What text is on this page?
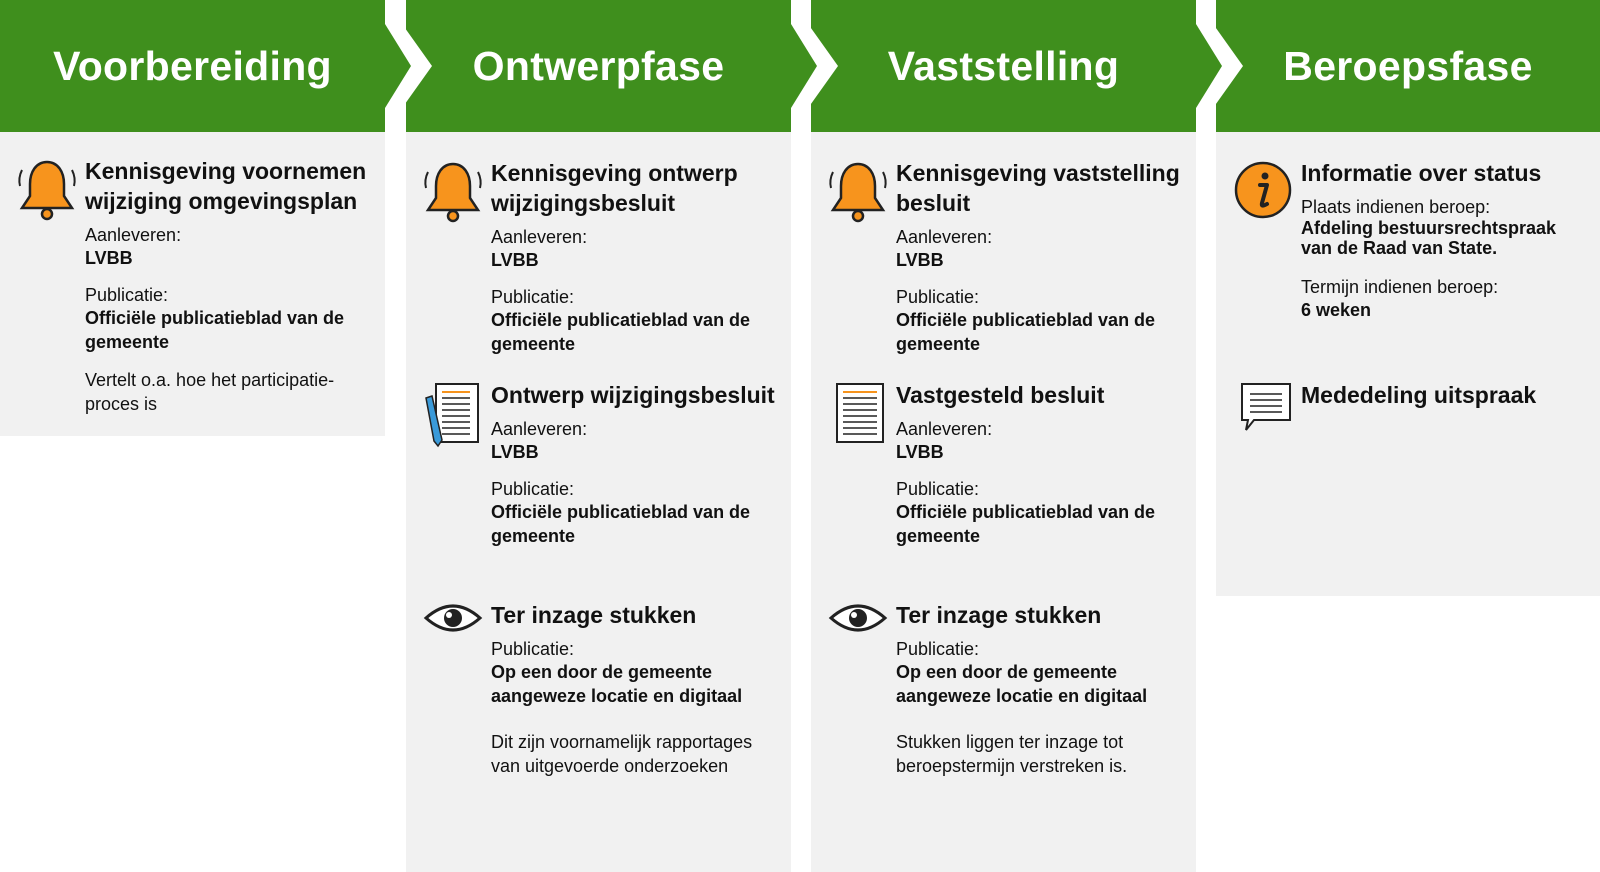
Voorbereiding
Kennisgeving voornemen wijziging omgevingsplan
Aanleveren:
LVBB
Publicatie:
Officiële publicatieblad van de gemeente
Vertelt o.a. hoe het participatie-proces is
Ontwerpfase
Kennisgeving ontwerp wijzigingsbesluit
Aanleveren:
LVBB
Publicatie:
Officiële publicatieblad van de gemeente
Ontwerp wijzigingsbesluit
Aanleveren:
LVBB
Publicatie:
Officiële publicatieblad van de gemeente
Ter inzage stukken
Publicatie:
Op een door de gemeente aangeweze locatie en digitaal
Dit zijn voornamelijk rapportages van uitgevoerde onderzoeken
Vaststelling
Kennisgeving vaststelling besluit
Aanleveren:
LVBB
Publicatie:
Officiële publicatieblad van de gemeente
Vastgesteld besluit
Aanleveren:
LVBB
Publicatie:
Officiële publicatieblad van de gemeente
Ter inzage stukken
Publicatie:
Op een door de gemeente aangeweze locatie en digitaal
Stukken liggen ter inzage tot beroepstermijn verstreken is.
Beroepsfase
Informatie over status
Plaats indienen beroep:
Afdeling bestuursrechtspraak van de Raad van State.
Termijn indienen beroep:
6 weken
Mededeling uitspraak
